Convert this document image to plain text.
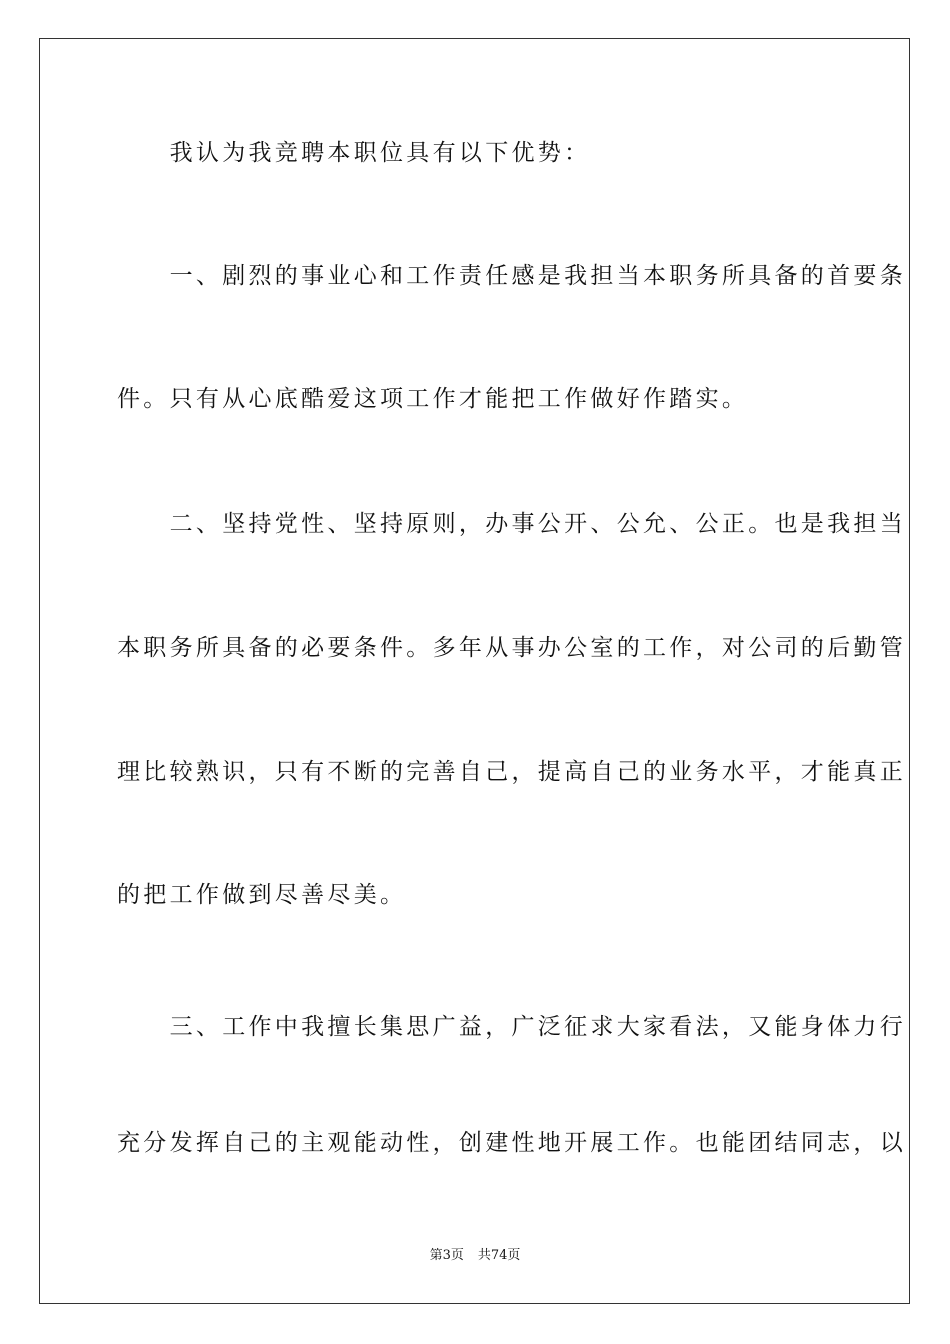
　　我认为我竞聘本职位具有以下优势：
　　一、剧烈的事业心和工作责任感是我担当本职务所具备的首要条
件。只有从心底酷爱这项工作才能把工作做好作踏实。
　　二、坚持党性、坚持原则，办事公开、公允、公正。也是我担当
本职务所具备的必要条件。多年从事办公室的工作，对公司的后勤管
理比较熟识，只有不断的完善自己，提高自己的业务水平，才能真正
的把工作做到尽善尽美。
　　三、工作中我擅长集思广益，广泛征求大家看法，又能身体力行
充分发挥自己的主观能动性，创建性地开展工作。也能团结同志，以
第3页 共74页
